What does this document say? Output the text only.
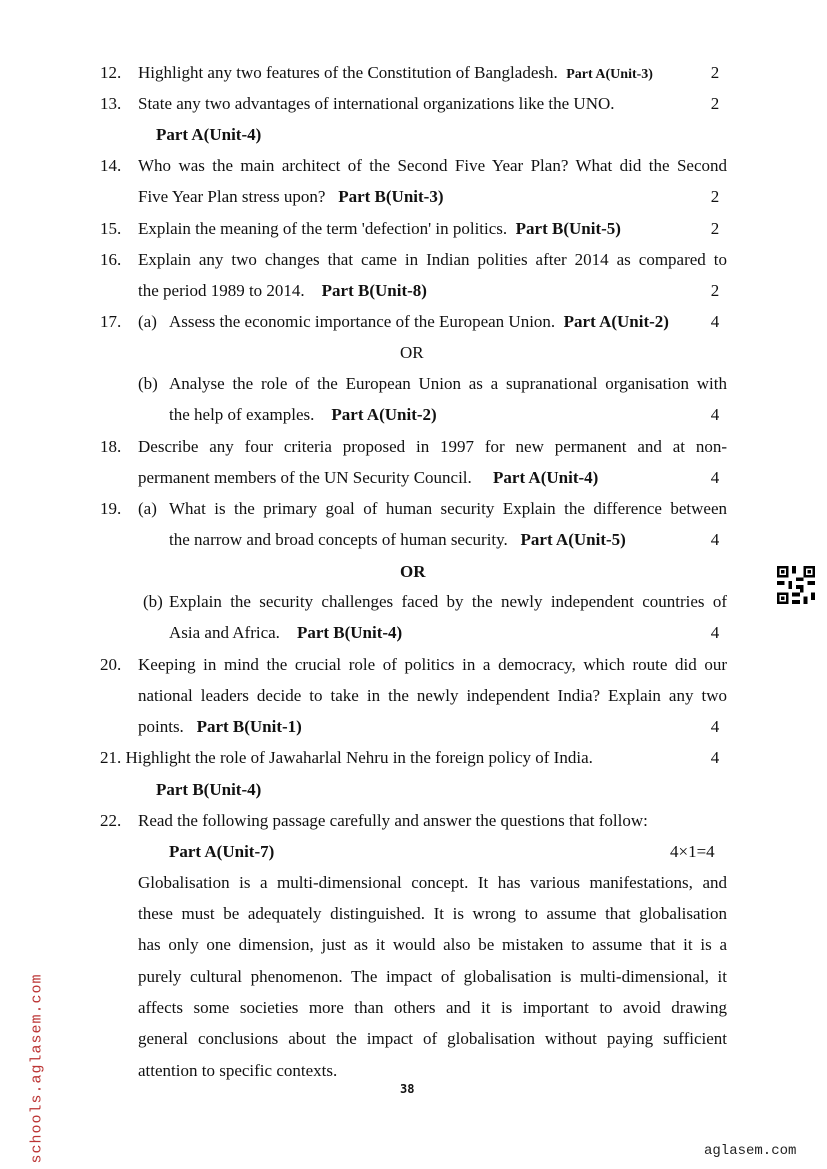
12. Highlight any two features of the Constitution of Bangladesh. Part A(Unit-3)	2
13. State any two advantages of international organizations like the UNO.	2
Part A(Unit-4)
14. Who was the main architect of the Second Five Year Plan? What did the Second
Five Year Plan stress upon? Part B(Unit-3)	2
15. Explain the meaning of the term 'defection' in politics. Part B(Unit-5)	2
16. Explain any two changes that came in Indian polities after 2014 as compared to
the period 1989 to 2014. Part B(Unit-8)	2
17. (a) Assess the economic importance of the European Union. Part A(Unit-2) 4
OR
(b) Analyse the role of the European Union as a supranational organisation with
the help of examples. Part A(Unit-2)	4
18. Describe any four criteria proposed in 1997 for new permanent and at non-
permanent members of the UN Security Council. Part A(Unit-4)	4
19. (a) What is the primary goal of human security Explain the difference between
the narrow and broad concepts of human security. Part A(Unit-5)	4
OR
(b) Explain the security challenges faced by the newly independent countries of
Asia and Africa. Part B(Unit-4)	4
20. Keeping in mind the crucial role of politics in a democracy, which route did our
national leaders decide to take in the newly independent India? Explain any two
points. Part B(Unit-1)	4
21. Highlight the role of Jawaharlal Nehru in the foreign policy of India.	4
Part B(Unit-4)
22. Read the following passage carefully and answer the questions that follow:
Part A(Unit-7)	4×1=4
Globalisation is a multi-dimensional concept. It has various manifestations, and
these must be adequately distinguished. It is wrong to assume that globalisation
has only one dimension, just as it would also be mistaken to assume that it is a
purely cultural phenomenon. The impact of globalisation is multi-dimensional, it
affects some societies more than others and it is important to avoid drawing
general conclusions about the impact of globalisation without paying sufficient
attention to specific contexts.
38
schools.aglasem.com	aglasem.com
